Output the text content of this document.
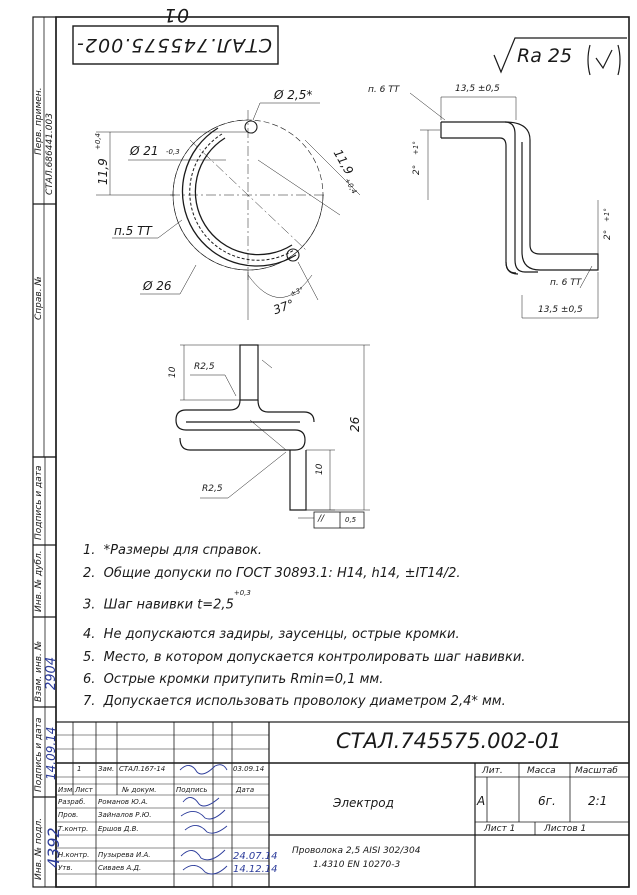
СТАЛ.745575.002-01
Ra 25
Перв. примен. СТАЛ.686441.003
Справ. №
Подпись и дата
Инв. № дубл.
Взам. инв. № 2904
Подпись и дата 14.09.14
Инв. № подл. 4392
Ø 2,5*
Ø 21 -0,3
11,9
+0,4
11,9
+0,4
п.5 ТТ
Ø 26
37°
±3°
п. 6 ТТ	13,5 ±0,5
2°
+1°
2°
+1°
п. 6 ТТ
13,5 ±0,5
10 R2,5
26
10
R2,5
//	0,5
1. *Размеры для справок.
2. Общие допуски по ГОСТ 30893.1: H14, h14, ±IT14/2.
3. Шаг навивки $t=2,5^{+0,3}$
4. Не допускаются задиры, заусенцы, острые кромки.
5. Место, в котором допускается контролировать шаг навивки.
6. Острые кромки притупить Rmin=0,1 мм.
7. Допускается использовать проволоку диаметром 2,4* мм.
СТАЛ.745575.002-01
Электрод
Проволока 2,5 AISI 302/304
1.4310 EN 10270-3
Лит.	Масса Масштаб
А	6г.	2:1
Лист 1	Листов 1
1 Зам. СТАЛ.167-14	03.09.14
Изм. Лист	№ докум.	Подпись	Дата
Разраб. Романов Ю.А.
Пров.	Зайналов Р.Ю.
Т.контр. Ершов Д.В.
Н.контр. Пузырева И.А.	24.07.14
Утв.	Сиваев А.Д.	14.12.14
